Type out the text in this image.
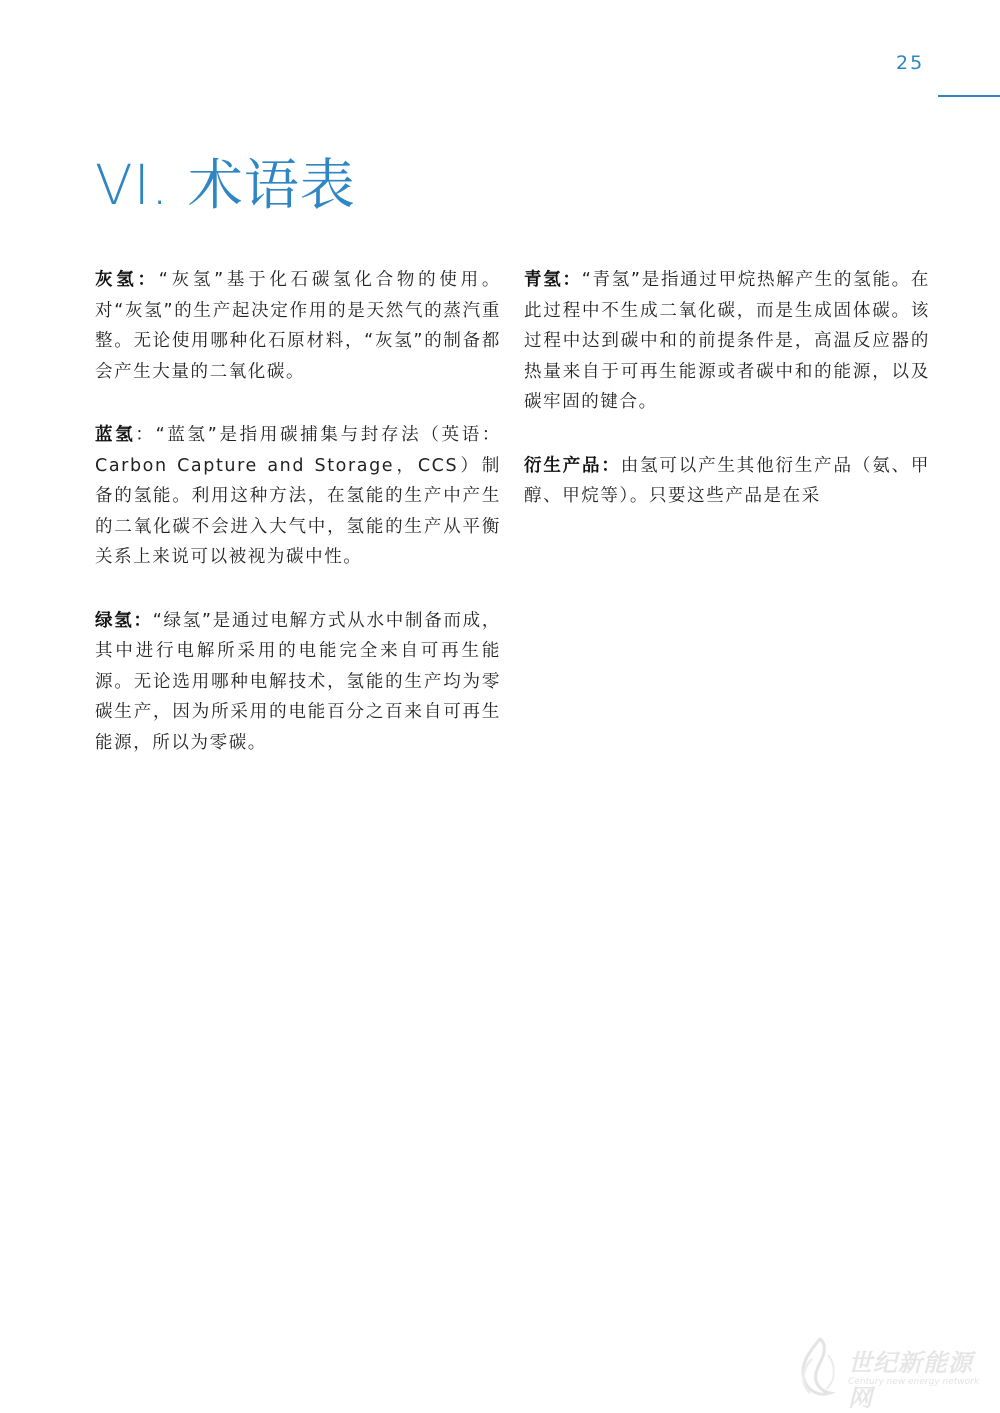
25
VI. 术语表

灰氢：“灰氢”基于化石碳氢化合物的使用。对“灰氢”的生产起决定作用的是天然气的蒸汽重整。无论使用哪种化石原材料，“灰氢”的制备都会产生大量的二氧化碳。

蓝氢：“蓝氢”是指用碳捕集与封存法（英语：Carbon Capture and Storage，CCS）制备的氢能。利用这种方法，在氢能的生产中产生的二氧化碳不会进入大气中，氢能的生产从平衡关系上来说可以被视为碳中性。

绿氢：“绿氢”是通过电解方式从水中制备而成，其中进行电解所采用的电能完全来自可再生能源。无论选用哪种电解技术，氢能的生产均为零碳生产，因为所采用的电能百分之百来自可再生能源，所以为零碳。

青氢：“青氢”是指通过甲烷热解产生的氢能。在此过程中不生成二氧化碳，而是生成固体碳。该过程中达到碳中和的前提条件是，高温反应器的热量来自于可再生能源或者碳中和的能源，以及碳牢固的键合。

衍生产品：由氢可以产生其他衍生产品（氨、甲醇、甲烷等）。只要这些产品是在采

世纪新能源网
Century new energy network
